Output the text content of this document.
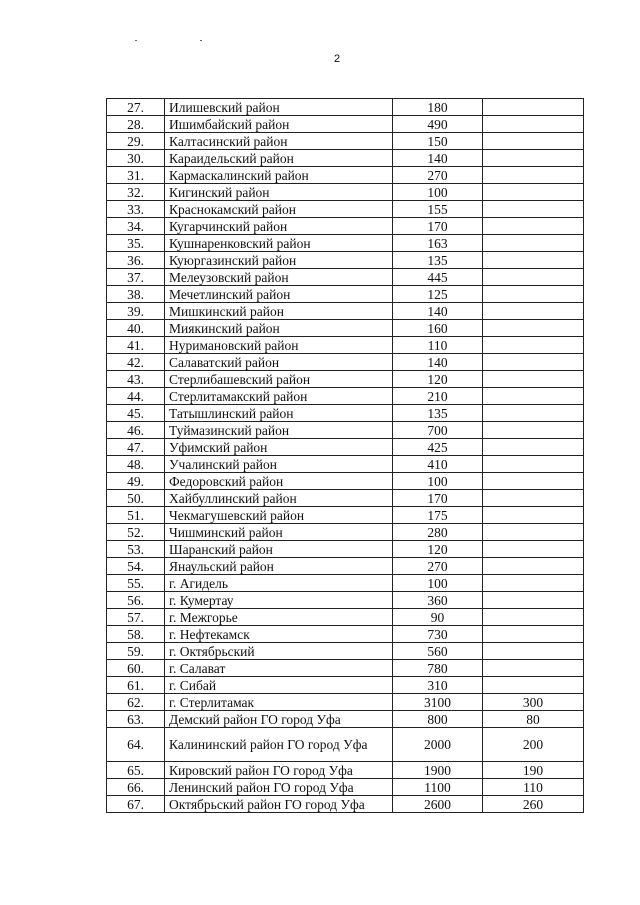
2
27.	Илишевский район	180	
28.	Ишимбайский район	490	
29.	Калтасинский район	150	
30.	Караидельский район	140	
31.	Кармаскалинский район	270	
32.	Кигинский район	100	
33.	Краснокамский район	155	
34.	Кугарчинский район	170	
35.	Кушнаренковский район	163	
36.	Куюргазинский район	135	
37.	Мелеузовский район	445	
38.	Мечетлинский район	125	
39.	Мишкинский район	140	
40.	Миякинский район	160	
41.	Нуримановский район	110	
42.	Салаватский район	140	
43.	Стерлибашевский район	120	
44.	Стерлитамакский район	210	
45.	Татышлинский район	135	
46.	Туймазинский район	700	
47.	Уфимский район	425	
48.	Учалинский район	410	
49.	Федоровский район	100	
50.	Хайбуллинский район	170	
51.	Чекмагушевский район	175	
52.	Чишминский район	280	
53.	Шаранский район	120	
54.	Янаульский район	270	
55.	г. Агидель	100	
56.	г. Кумертау	360	
57.	г. Межгорье	90	
58.	г. Нефтекамск	730	
59.	г. Октябрьский	560	
60.	г. Салават	780	
61.	г. Сибай	310	
62.	г. Стерлитамак	3100	300
63.	Демский район ГО город Уфа	800	80
64.	Калининский район ГО город Уфа	2000	200
65.	Кировский район ГО город Уфа	1900	190
66.	Ленинский район ГО город Уфа	1100	110
67.	Октябрьский район ГО город Уфа	2600	260
